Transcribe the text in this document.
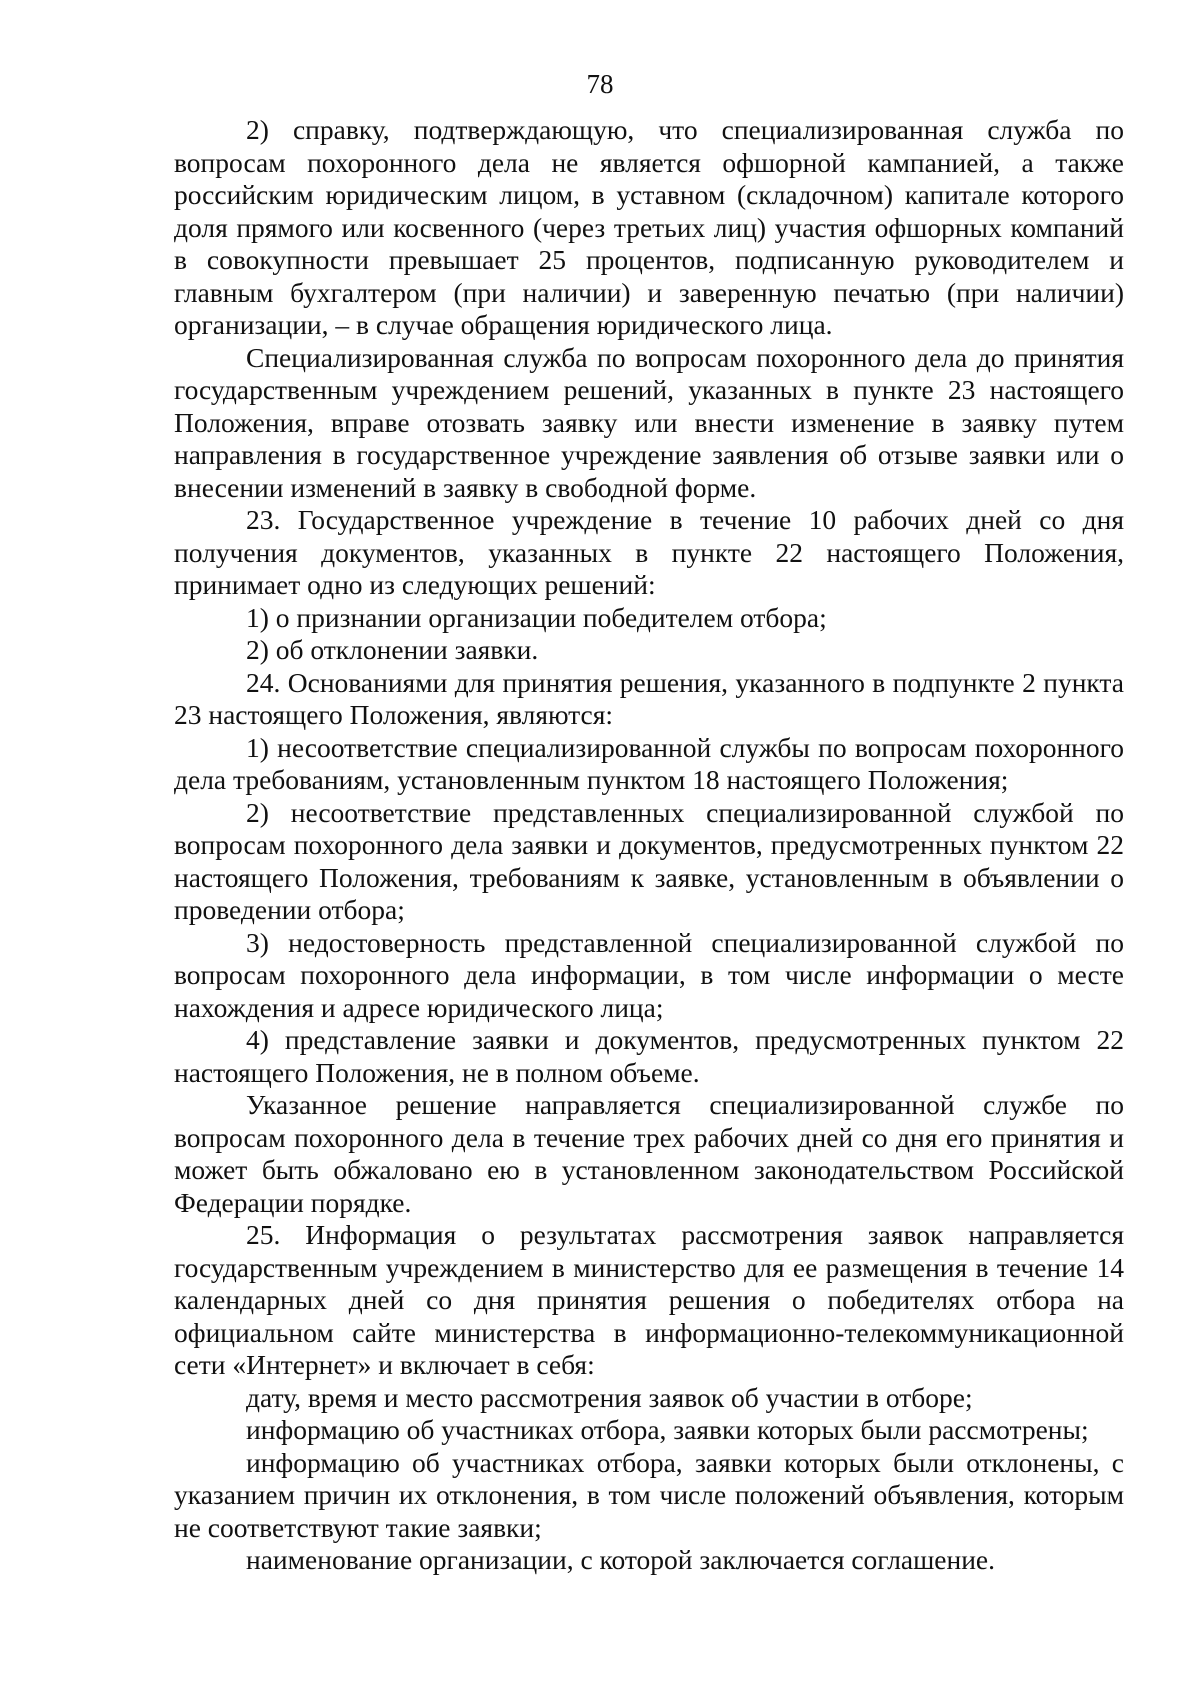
78

2) справку, подтверждающую, что специализированная служба по вопросам похоронного дела не является офшорной кампанией, а также российским юридическим лицом, в уставном (складочном) капитале которого доля прямого или косвенного (через третьих лиц) участия офшорных компаний в совокупности превышает 25 процентов, подписанную руководителем и главным бухгалтером (при наличии) и заверенную печатью (при наличии) организации, – в случае обращения юридического лица.

Специализированная служба по вопросам похоронного дела до принятия государственным учреждением решений, указанных в пункте 23 настоящего Положения, вправе отозвать заявку или внести изменение в заявку путем направления в государственное учреждение заявления об отзыве заявки или о внесении изменений в заявку в свободной форме.

23. Государственное учреждение в течение 10 рабочих дней со дня получения документов, указанных в пункте 22 настоящего Положения, принимает одно из следующих решений:

1) о признании организации победителем отбора;

2) об отклонении заявки.

24. Основаниями для принятия решения, указанного в подпункте 2 пункта 23 настоящего Положения, являются:

1) несоответствие специализированной службы по вопросам похоронного дела требованиям, установленным пунктом 18 настоящего Положения;

2) несоответствие представленных специализированной службой по вопросам похоронного дела заявки и документов, предусмотренных пунктом 22 настоящего Положения, требованиям к заявке, установленным в объявлении о проведении отбора;

3) недостоверность представленной специализированной службой по вопросам похоронного дела информации, в том числе информации о месте нахождения и адресе юридического лица;

4) представление заявки и документов, предусмотренных пунктом 22 настоящего Положения, не в полном объеме.

Указанное решение направляется специализированной службе по вопросам похоронного дела в течение трех рабочих дней со дня его принятия и может быть обжаловано ею в установленном законодательством Российской Федерации порядке.

25. Информация о результатах рассмотрения заявок направляется государственным учреждением в министерство для ее размещения в течение 14 календарных дней со дня принятия решения о победителях отбора на официальном сайте министерства в информационно-телекоммуникационной сети «Интернет» и включает в себя:

дату, время и место рассмотрения заявок об участии в отборе;

информацию об участниках отбора, заявки которых были рассмотрены;

информацию об участниках отбора, заявки которых были отклонены, с указанием причин их отклонения, в том числе положений объявления, которым не соответствуют такие заявки;

наименование организации, с которой заключается соглашение.
